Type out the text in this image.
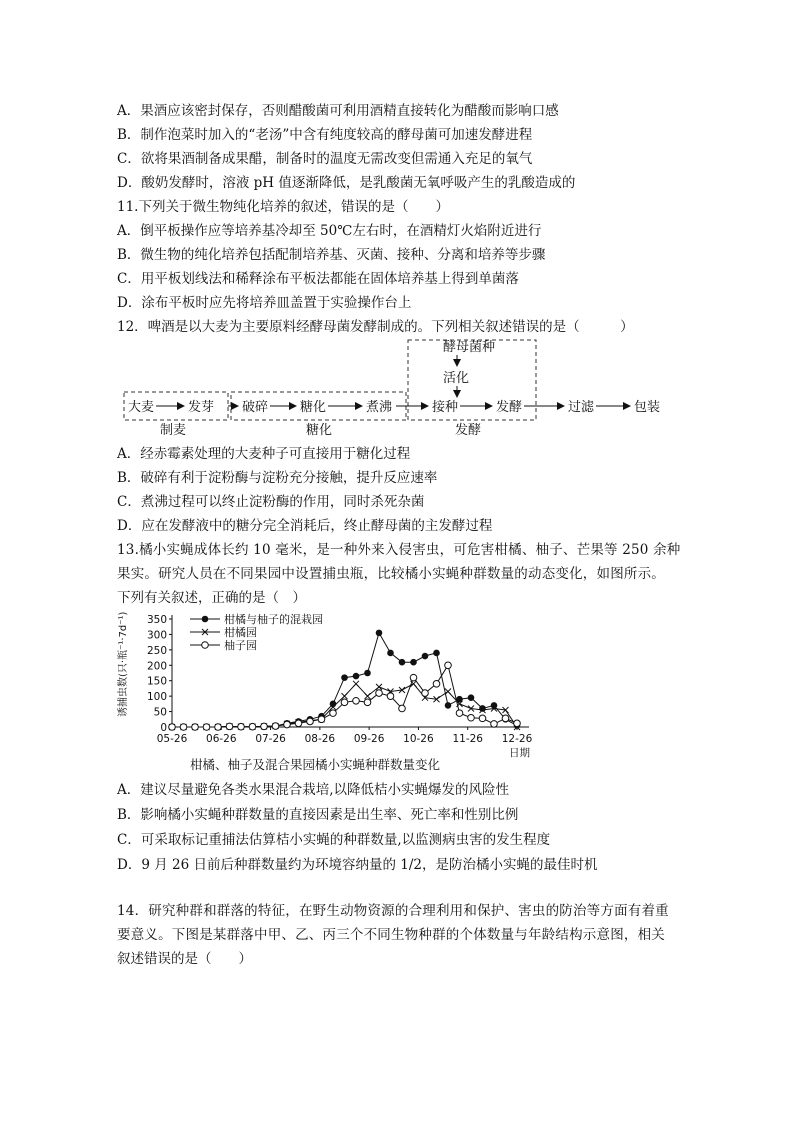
A．果酒应该密封保存，否则醋酸菌可利用酒精直接转化为醋酸而影响口感
B．制作泡菜时加入的“老汤”中含有纯度较高的酵母菌可加速发酵进程
C．欲将果酒制备成果醋，制备时的温度无需改变但需通入充足的氧气
D．酸奶发酵时，溶液 pH 值逐渐降低，是乳酸菌无氧呼吸产生的乳酸造成的
11.下列关于微生物纯化培养的叙述，错误的是（　　）
A．倒平板操作应等培养基冷却至 50℃左右时，在酒精灯火焰附近进行
B．微生物的纯化培养包括配制培养基、灭菌、接种、分离和培养等步骤
C．用平板划线法和稀释涂布平板法都能在固体培养基上得到单菌落
D．涂布平板时应先将培养皿盖置于实验操作台上
12．啤酒是以大麦为主要原料经酵母菌发酵制成的。下列相关叙述错误的是（　　　）
酵母菌种
活化
大麦	发芽 破碎 糖化	煮沸	接种	发酵	过滤	包装
制麦	糖化	发酵
A．经赤霉素处理的大麦种子可直接用于糖化过程
B．破碎有利于淀粉酶与淀粉充分接触，提升反应速率
C．煮沸过程可以终止淀粉酶的作用，同时杀死杂菌
D．应在发酵液中的糖分完全消耗后，终止酵母菌的主发酵过程
13.橘小实蝇成体长约 10 毫米，是一种外来入侵害虫，可危害柑橘、柚子、芒果等 250 余种
果实。研究人员在不同果园中设置捕虫瓶，比较橘小实蝇种群数量的动态变化，如图所示。
下列有关叙述，正确的是（　）
0
50
100
150
200
250
300
350
05-26 06-26 07-26 08-26 09-26 10-26 11-26 12-26
日期
诱捕虫数(只·瓶⁻¹·7d⁻¹)	柑橘与柚子的混栽园
柑橘园
柚子园
柑橘、柚子及混合果园橘小实蝇种群数量变化
A．建议尽量避免各类水果混合栽培,以降低桔小实蝇爆发的风险性
B．影响橘小实蝇种群数量的直接因素是出生率、死亡率和性别比例
C．可采取标记重捕法估算桔小实蝇的种群数量,以监测病虫害的发生程度
D．9 月 26 日前后种群数量约为环境容纳量的 1/2，是防治橘小实蝇的最佳时机
14．研究种群和群落的特征，在野生动物资源的合理利用和保护、害虫的防治等方面有着重
要意义。下图是某群落中甲、乙、丙三个不同生物种群的个体数量与年龄结构示意图，相关
叙述错误的是（　　）
